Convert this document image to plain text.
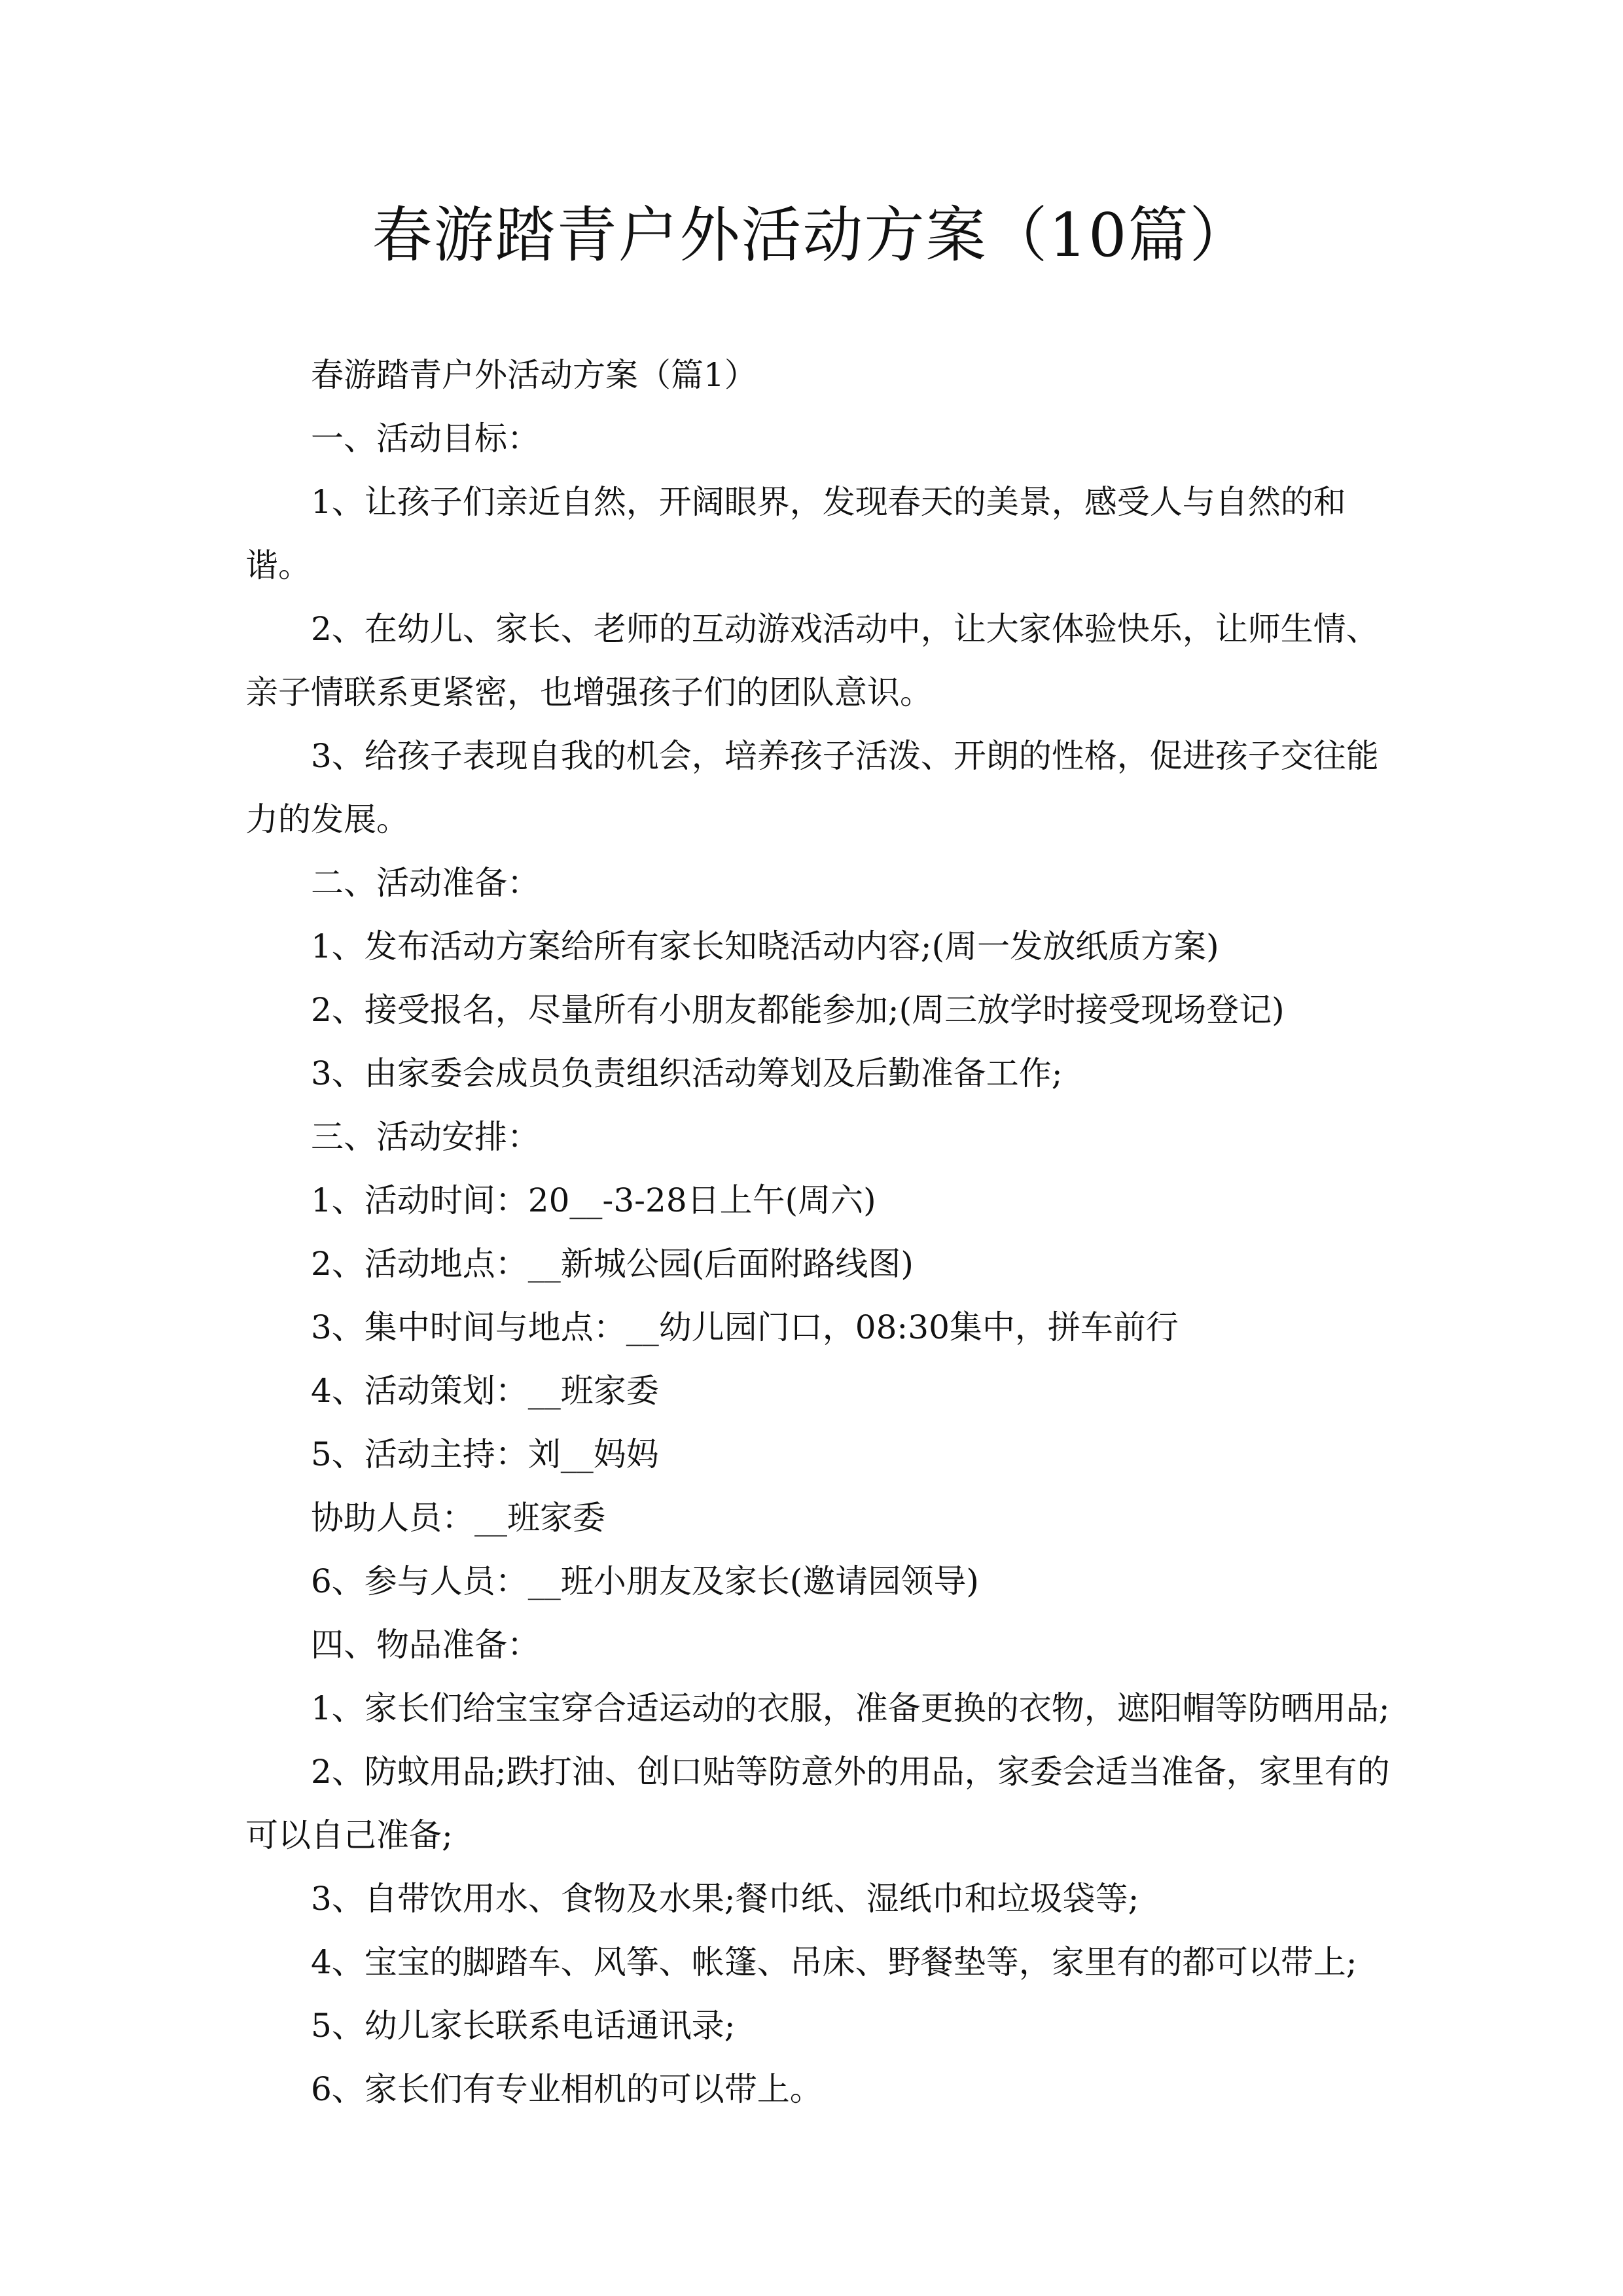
春游踏青户外活动方案（10篇）

春游踏青户外活动方案（篇1）

一、活动目标：

1、让孩子们亲近自然，开阔眼界，发现春天的美景，感受人与自然的和谐。

2、在幼儿、家长、老师的互动游戏活动中，让大家体验快乐，让师生情、亲子情联系更紧密，也增强孩子们的团队意识。

3、给孩子表现自我的机会，培养孩子活泼、开朗的性格，促进孩子交往能力的发展。

二、活动准备：

1、发布活动方案给所有家长知晓活动内容;(周一发放纸质方案)

2、接受报名，尽量所有小朋友都能参加;(周三放学时接受现场登记)

3、由家委会成员负责组织活动筹划及后勤准备工作;

三、活动安排：

1、活动时间：20__-3-28日上午(周六)

2、活动地点：__新城公园(后面附路线图)

3、集中时间与地点：__幼儿园门口，08:30集中，拼车前行

4、活动策划：__班家委

5、活动主持：刘__妈妈

协助人员：__班家委

6、参与人员：__班小朋友及家长(邀请园领导)

四、物品准备：

1、家长们给宝宝穿合适运动的衣服，准备更换的衣物，遮阳帽等防晒用品;

2、防蚊用品;跌打油、创口贴等防意外的用品，家委会适当准备，家里有的可以自己准备;

3、自带饮用水、食物及水果;餐巾纸、湿纸巾和垃圾袋等;

4、宝宝的脚踏车、风筝、帐篷、吊床、野餐垫等，家里有的都可以带上;

5、幼儿家长联系电话通讯录;

6、家长们有专业相机的可以带上。
